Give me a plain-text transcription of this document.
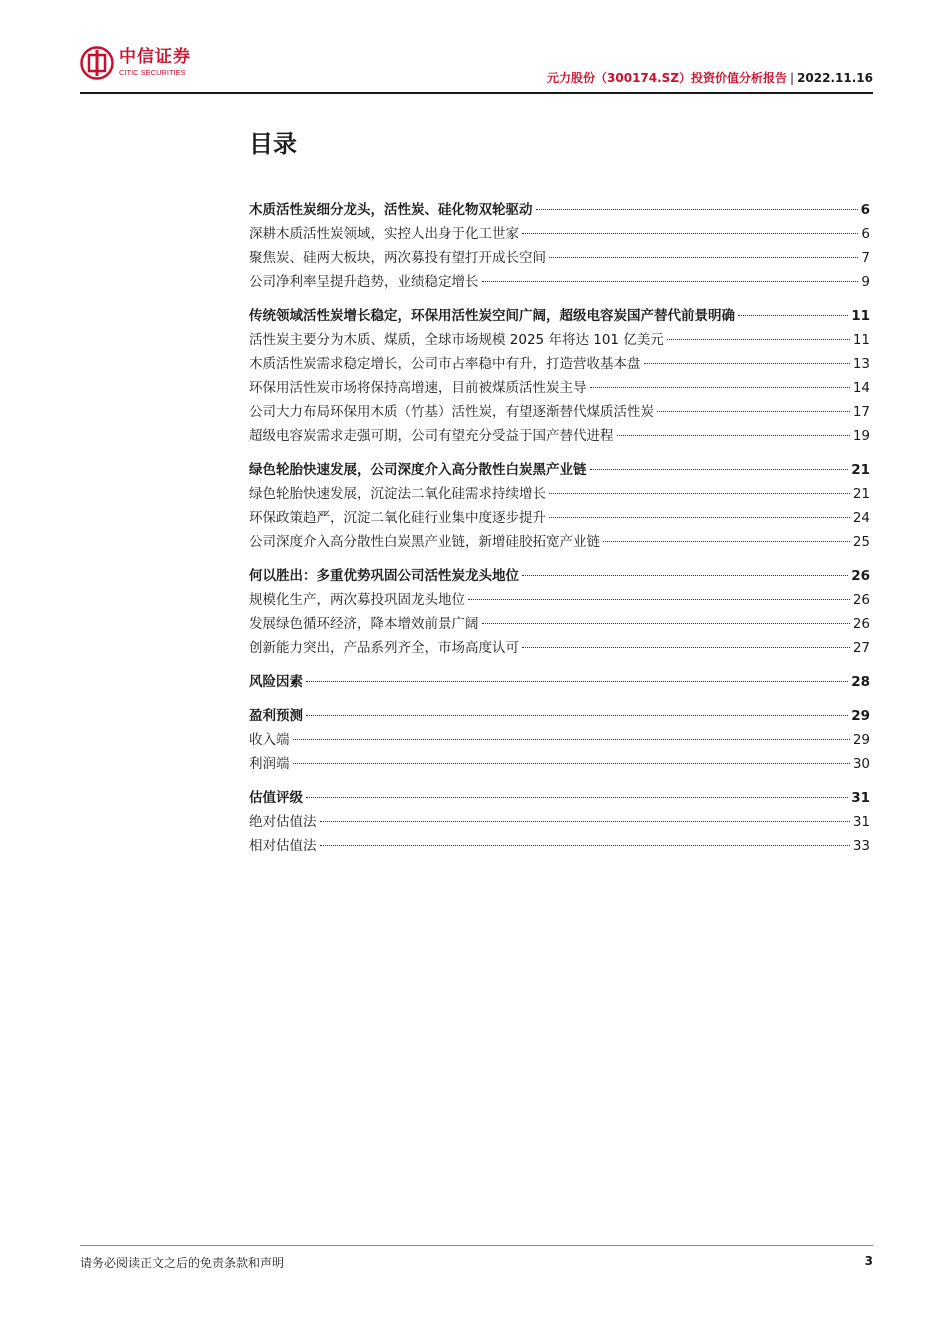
中信证券
CITIC SECURITIES	元力股份（300174.SZ）投资价值分析报告 | 2022.11.16
目录
木质活性炭细分龙头，活性炭、硅化物双轮驱动	6
深耕木质活性炭领域，实控人出身于化工世家	6
聚焦炭、硅两大板块，两次募投有望打开成长空间	7
公司净利率呈提升趋势，业绩稳定增长	9
传统领域活性炭增长稳定，环保用活性炭空间广阔，超级电容炭国产替代前景明确	11
活性炭主要分为木质、煤质，全球市场规模 2025 年将达 101 亿美元	11
木质活性炭需求稳定增长，公司市占率稳中有升，打造营收基本盘	13
环保用活性炭市场将保持高增速，目前被煤质活性炭主导	14
公司大力布局环保用木质（竹基）活性炭，有望逐渐替代煤质活性炭	17
超级电容炭需求走强可期，公司有望充分受益于国产替代进程	19
绿色轮胎快速发展，公司深度介入高分散性白炭黑产业链	21
绿色轮胎快速发展，沉淀法二氧化硅需求持续增长	21
环保政策趋严，沉淀二氧化硅行业集中度逐步提升	24
公司深度介入高分散性白炭黑产业链，新增硅胶拓宽产业链	25
何以胜出：多重优势巩固公司活性炭龙头地位	26
规模化生产，两次募投巩固龙头地位	26
发展绿色循环经济，降本增效前景广阔	26
创新能力突出，产品系列齐全，市场高度认可	27
风险因素	28
盈利预测	29
收入端	29
利润端	30
估值评级	31
绝对估值法	31
相对估值法	33
请务必阅读正文之后的免责条款和声明	3
